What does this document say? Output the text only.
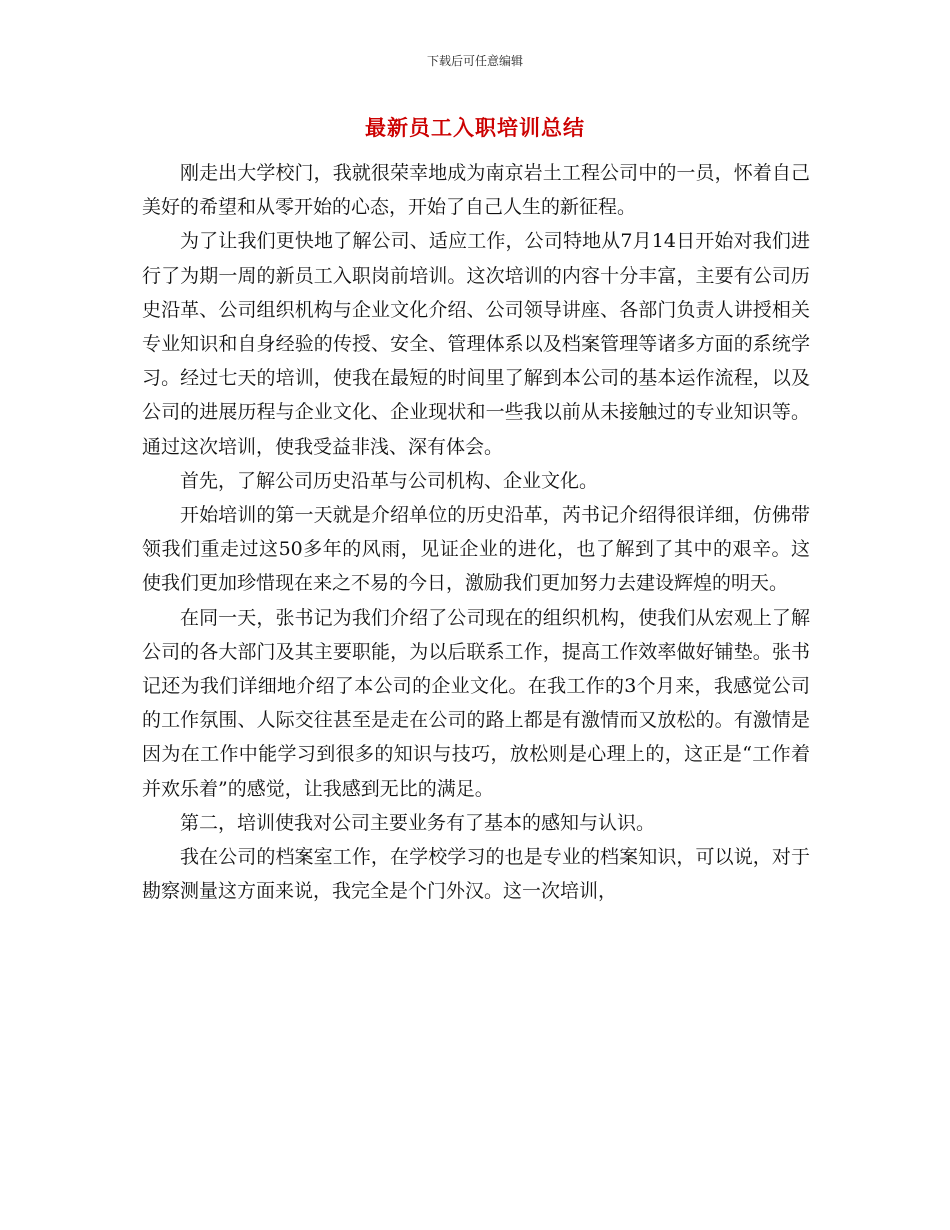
下载后可任意编辑
最新员工入职培训总结

刚走出大学校门，我就很荣幸地成为南京岩土工程公司中的一员，怀着自己美好的希望和从零开始的心态，开始了自己人生的新征程。

为了让我们更快地了解公司、适应工作，公司特地从7月14日开始对我们进行了为期一周的新员工入职岗前培训。这次培训的内容十分丰富，主要有公司历史沿革、公司组织机构与企业文化介绍、公司领导讲座、各部门负责人讲授相关专业知识和自身经验的传授、安全、管理体系以及档案管理等诸多方面的系统学习。经过七天的培训，使我在最短的时间里了解到本公司的基本运作流程，以及公司的进展历程与企业文化、企业现状和一些我以前从未接触过的专业知识等。通过这次培训，使我受益非浅、深有体会。

首先，了解公司历史沿革与公司机构、企业文化。

开始培训的第一天就是介绍单位的历史沿革，芮书记介绍得很详细，仿佛带领我们重走过这50多年的风雨，见证企业的进化，也了解到了其中的艰辛。这使我们更加珍惜现在来之不易的今日，激励我们更加努力去建设辉煌的明天。

在同一天，张书记为我们介绍了公司现在的组织机构，使我们从宏观上了解公司的各大部门及其主要职能，为以后联系工作，提高工作效率做好铺垫。张书记还为我们详细地介绍了本公司的企业文化。在我工作的3个月来，我感觉公司的工作氛围、人际交往甚至是走在公司的路上都是有激情而又放松的。有激情是因为在工作中能学习到很多的知识与技巧，放松则是心理上的，这正是“工作着并欢乐着”的感觉，让我感到无比的满足。

第二，培训使我对公司主要业务有了基本的感知与认识。

我在公司的档案室工作，在学校学习的也是专业的档案知识，可以说，对于勘察测量这方面来说，我完全是个门外汉。这一次培训，
